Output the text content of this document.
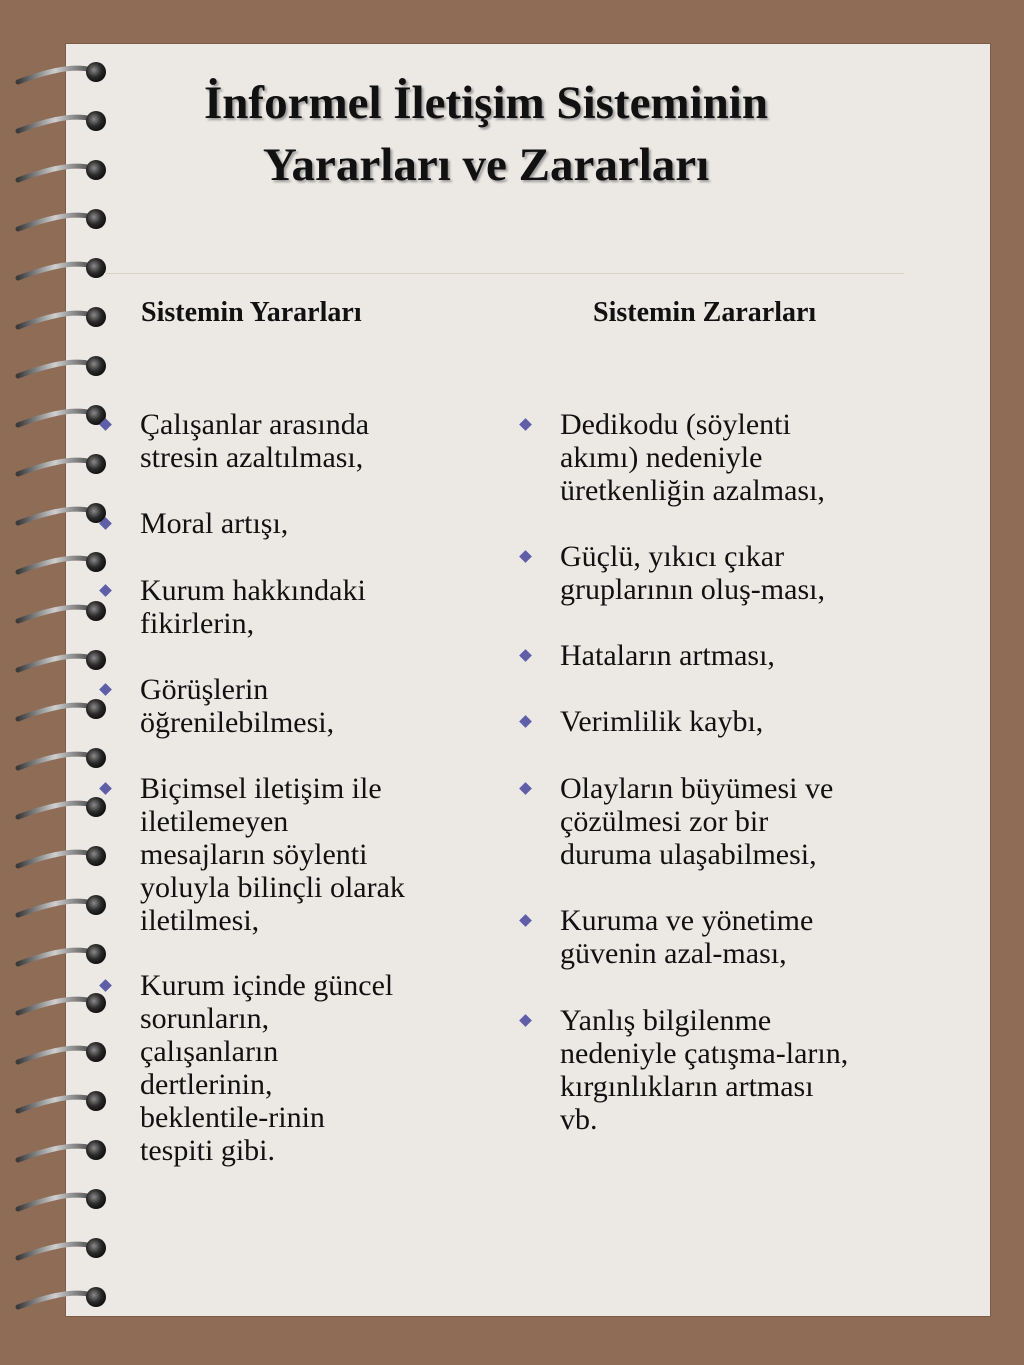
İnformel İletişim Sisteminin
Yararları ve Zararları
Sistemin Yararları
Çalışanlar arasında
stresin azaltılması,
Moral artışı,
Kurum hakkındaki
fikirlerin,
Görüşlerin
öğrenilebilmesi,
Biçimsel iletişim ile
iletilemeyen
mesajların söylenti
yoluyla bilinçli olarak
iletilmesi,
Kurum içinde güncel
sorunların,
çalışanların
dertlerinin,
beklentile-rinin
tespiti gibi.
Sistemin Zararları
Dedikodu (söylenti
akımı) nedeniyle
üretkenliğin azalması,
Güçlü, yıkıcı çıkar
gruplarının oluş-ması,
Hataların artması,
Verimlilik kaybı,
Olayların büyümesi ve
çözülmesi zor bir
duruma ulaşabilmesi,
Kuruma ve yönetime
güvenin azal-ması,
Yanlış bilgilenme
nedeniyle çatışma-ların,
kırgınlıkların artması
vb.
